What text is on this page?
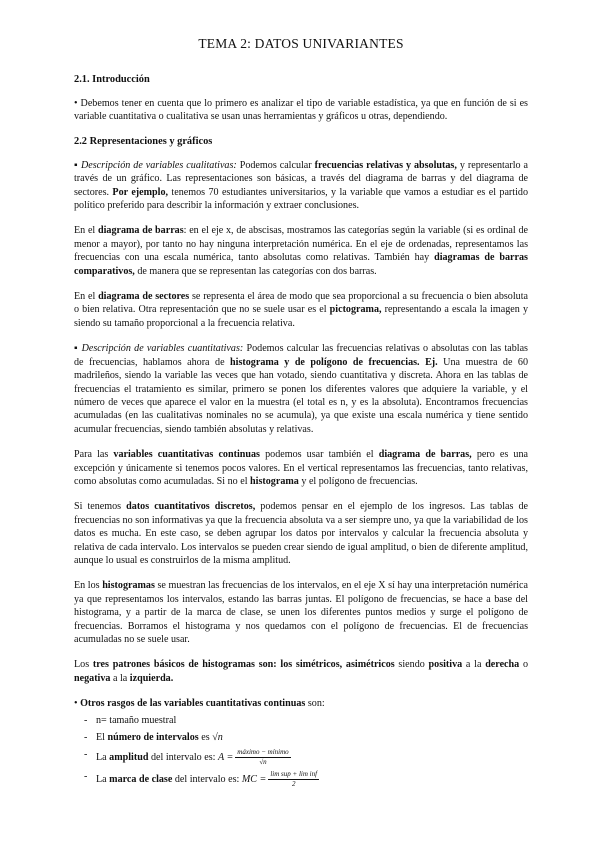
TEMA 2: DATOS UNIVARIANTES
2.1. Introducción

• Debemos tener en cuenta que lo primero es analizar el tipo de variable estadística, ya que en función de si es variable cuantitativa o cualitativa se usan unas herramientas y gráficos u otras, dependiendo.

2.2 Representaciones y gráficos

▪ Descripción de variables cualitativas: Podemos calcular frecuencias relativas y absolutas, y representarlo a través de un gráfico. Las representaciones son básicas, a través del diagrama de barras y del diagrama de sectores. Por ejemplo, tenemos 70 estudiantes universitarios, y la variable que vamos a estudiar es el partido político preferido para describir la información y extraer conclusiones.

En el diagrama de barras: en el eje x, de abscisas, mostramos las categorías según la variable (si es ordinal de menor a mayor), por tanto no hay ninguna interpretación numérica. En el eje de ordenadas, representamos las frecuencias con una escala numérica, tanto absolutas como relativas. También hay diagramas de barras comparativos, de manera que se representan las categorías con dos barras.

En el diagrama de sectores se representa el área de modo que sea proporcional a su frecuencia o bien absoluta o bien relativa. Otra representación que no se suele usar es el pictograma, representando a escala la imagen y siendo su tamaño proporcional a la frecuencia relativa.

▪ Descripción de variables cuantitativas: Podemos calcular las frecuencias relativas o absolutas con las tablas de frecuencias, hablamos ahora de histograma y de polígono de frecuencias. Ej. Una muestra de 60 madrileños, siendo la variable las veces que han votado, siendo cuantitativa y discreta. Ahora en las tablas de frecuencias el tratamiento es similar, primero se ponen los diferentes valores que adquiere la variable, y el número de veces que aparece el valor en la muestra (el total es n, y es la absoluta). Encontramos frecuencias acumuladas (en las cualitativas nominales no se acumula), ya que existe una escala numérica y tiene sentido acumular frecuencias, siendo también absolutas y relativas.

Para las variables cuantitativas continuas podemos usar también el diagrama de barras, pero es una excepción y únicamente si tenemos pocos valores. En el vertical representamos las frecuencias, tanto relativas, como absolutas como acumuladas. Si no el histograma y el polígono de frecuencias.

Si tenemos datos cuantitativos discretos, podemos pensar en el ejemplo de los ingresos. Las tablas de frecuencias no son informativas ya que la frecuencia absoluta va a ser siempre uno, ya que la variabilidad de los datos es mucha. En este caso, se deben agrupar los datos por intervalos y calcular la frecuencia absoluta y relativa de cada intervalo. Los intervalos se pueden crear siendo de igual amplitud, o bien de diferente amplitud, aunque lo usual es construirlos de la misma amplitud.

En los histogramas se muestran las frecuencias de los intervalos, en el eje X sí hay una interpretación numérica ya que representamos los intervalos, estando las barras juntas. El polígono de frecuencias, se hace a base del histograma, y a partir de la marca de clase, se unen los diferentes puntos medios y surge el polígono de frecuencias. Borramos el histograma y nos quedamos con el polígono de frecuencias. El de frecuencias acumuladas no se suele usar.

Los tres patrones básicos de histogramas son: los simétricos, asimétricos siendo positiva a la derecha o negativa a la izquierda.

• Otros rasgos de las variables cuantitativas continuas son:

- n= tamaño muestral
- El número de intervalos es √n
- La amplitud del intervalo es: $A = \frac{\text{máximo − mínimo}}{√n}$
- La marca de clase del intervalo es: MC = $\frac{\text{lim sup + lim inf}}{2}$
